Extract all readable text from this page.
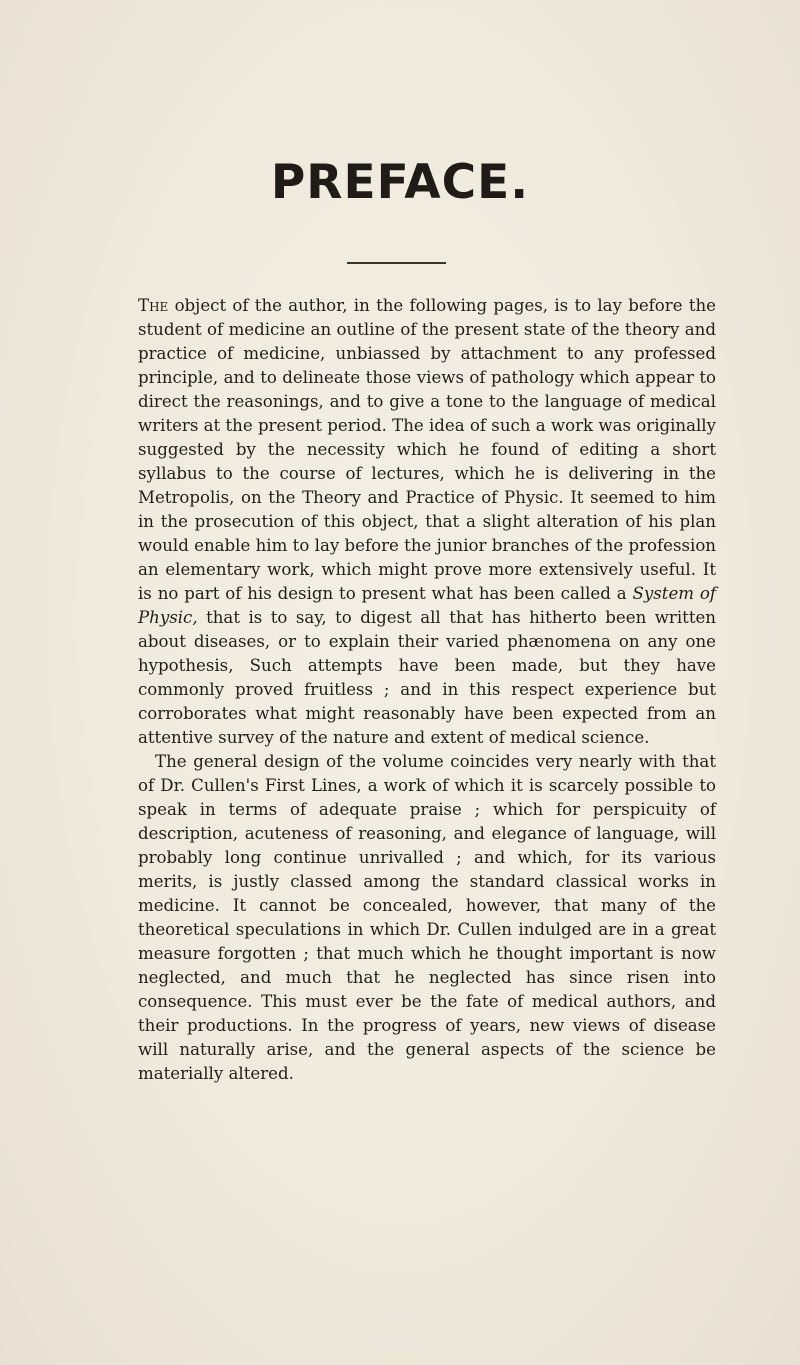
PREFACE.

The object of the author, in the following pages, is to lay before the student of medicine an outline of the present state of the theory and practice of medicine, unbiassed by attachment to any professed principle, and to delineate those views of pathology which appear to direct the reasonings, and to give a tone to the language of medical writers at the present period. The idea of such a work was originally suggested by the necessity which he found of editing a short syllabus to the course of lectures, which he is delivering in the Metropolis, on the Theory and Practice of Physic. It seemed to him in the prosecution of this object, that a slight alteration of his plan would enable him to lay before the junior branches of the profession an elementary work, which might prove more extensively useful. It is no part of his design to present what has been called a System of Physic, that is to say, to digest all that has hitherto been written about diseases, or to explain their varied phænomena on any one hypothesis, Such attempts have been made, but they have commonly proved fruitless ; and in this respect experience but corroborates what might reasonably have been expected from an attentive survey of the nature and extent of medical science.

The general design of the volume coincides very nearly with that of Dr. Cullen's First Lines, a work of which it is scarcely possible to speak in terms of adequate praise ; which for perspicuity of description, acuteness of reasoning, and elegance of language, will probably long continue unrivalled ; and which, for its various merits, is justly classed among the standard classical works in medicine. It cannot be concealed, however, that many of the theoretical speculations in which Dr. Cullen indulged are in a great measure forgotten ; that much which he thought important is now neglected, and much that he neglected has since risen into consequence. This must ever be the fate of medical authors, and their productions. In the progress of years, new views of disease will naturally arise, and the general aspects of the science be materially altered.
